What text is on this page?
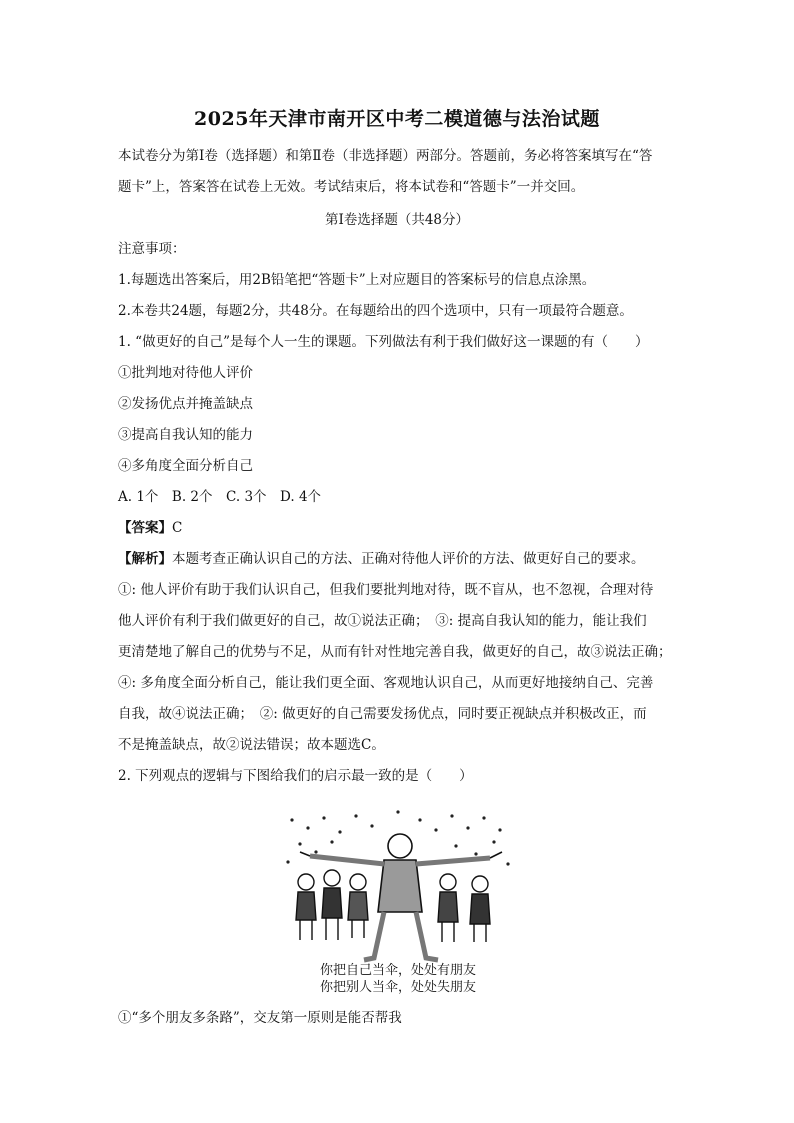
2025年天津市南开区中考二模道德与法治试题
本试卷分为第Ⅰ卷（选择题）和第Ⅱ卷（非选择题）两部分。答题前，务必将答案填写在“答
题卡”上，答案答在试卷上无效。考试结束后，将本试卷和“答题卡”一并交回。
第Ⅰ卷选择题（共48分）
注意事项：
1.每题选出答案后，用2B铅笔把“答题卡”上对应题目的答案标号的信息点涂黑。
2.本卷共24题，每题2分，共48分。在每题给出的四个选项中，只有一项最符合题意。
1. “做更好的自己”是每个人一生的课题。下列做法有利于我们做好这一课题的有（　　）
①批判地对待他人评价
②发扬优点并掩盖缺点
③提高自我认知的能力
④多角度全面分析自己
A. 1个　B. 2个　C. 3个　D. 4个
【答案】C
【解析】本题考查正确认识自己的方法、正确对待他人评价的方法、做更好自己的要求。
①: 他人评价有助于我们认识自己，但我们要批判地对待，既不盲从，也不忽视，合理对待
他人评价有利于我们做更好的自己，故①说法正确；　③: 提高自我认知的能力，能让我们
更清楚地了解自己的优势与不足，从而有针对性地完善自我，做更好的自己，故③说法正确；
④: 多角度全面分析自己，能让我们更全面、客观地认识自己，从而更好地接纳自己、完善
自我，故④说法正确；　②: 做更好的自己需要发扬优点，同时要正视缺点并积极改正，而
不是掩盖缺点，故②说法错误；故本题选C。
2. 下列观点的逻辑与下图给我们的启示最一致的是（　　）
你把自己当伞，处处有朋友
你把别人当伞，处处失朋友
①“多个朋友多条路”，交友第一原则是能否帮我
